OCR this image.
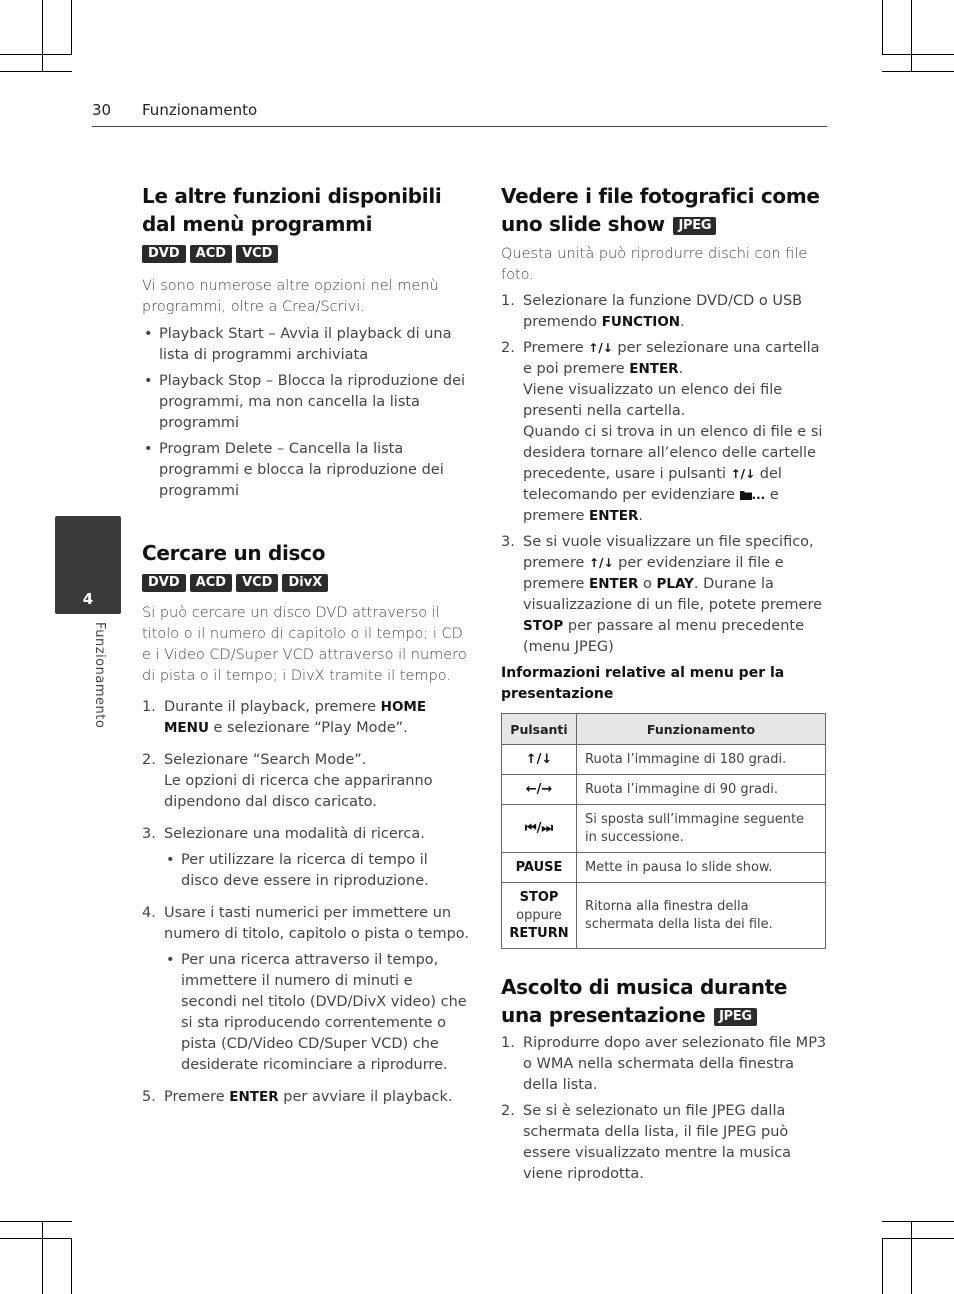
30 Funzionamento
4
Funzionamento
Le altre funzioni disponibili dal menù programmi
DVD ACD VCD

Vi sono numerose altre opzioni nel menù programmi, oltre a Crea/Scrivi.

• Playback Start – Avvia il playback di una lista di programmi archiviata
• Playback Stop – Blocca la riproduzione dei programmi, ma non cancella la lista programmi
• Program Delete – Cancella la lista programmi e blocca la riproduzione dei programmi
Cercare un disco
DVD ACD VCD DivX

Si può cercare un disco DVD attraverso il titolo o il numero di capitolo o il tempo; i CD e i Video CD/Super VCD attraverso il numero di pista o il tempo; i DivX tramite il tempo.

1. Durante il playback, premere HOME MENU e selezionare “Play Mode”.
2. Selezionare “Search Mode”.
Le opzioni di ricerca che appariranno dipendono dal disco caricato.
3. Selezionare una modalità di ricerca.
• Per utilizzare la ricerca di tempo il disco deve essere in riproduzione.
4. Usare i tasti numerici per immettere un numero di titolo, capitolo o pista o tempo.
• Per una ricerca attraverso il tempo, immettere il numero di minuti e secondi nel titolo (DVD/DivX video) che si sta riproducendo correntemente o pista (CD/Video CD/Super VCD) che desiderate ricominciare a riprodurre.
5. Premere ENTER per avviare il playback.
Vedere i file fotografici come uno slide show JPEG

Questa unità può riprodurre dischi con file foto.

1. Selezionare la funzione DVD/CD o USB premendo FUNCTION.
2. Premere ↑/↓ per selezionare una cartella e poi premere ENTER.
Viene visualizzato un elenco dei file presenti nella cartella.
Quando ci si trova in un elenco di file e si desidera tornare all’elenco delle cartelle precedente, usare i pulsanti ↑/↓ del telecomando per evidenziare ... e premere ENTER.
3. Se si vuole visualizzare un file specifico, premere ↑/↓ per evidenziare il file e premere ENTER o PLAY. Durane la visualizzazione di un file, potete premere STOP per passare al menu precedente (menu JPEG)
Informazioni relative al menu per la presentazione
Pulsanti	Funzionamento
↑/↓	Ruota l’immagine di 180 gradi.
←/→	Ruota l’immagine di 90 gradi.
⏮/⏭	Si sposta sull’immagine seguente in successione.
PAUSE	Mette in pausa lo slide show.
STOP
oppure
RETURN	Ritorna alla finestra della schermata della lista dei file.
Ascolto di musica durante una presentazione JPEG
1. Riprodurre dopo aver selezionato file MP3 o WMA nella schermata della finestra della lista.
2. Se si è selezionato un file JPEG dalla schermata della lista, il file JPEG può essere visualizzato mentre la musica viene riprodotta.
